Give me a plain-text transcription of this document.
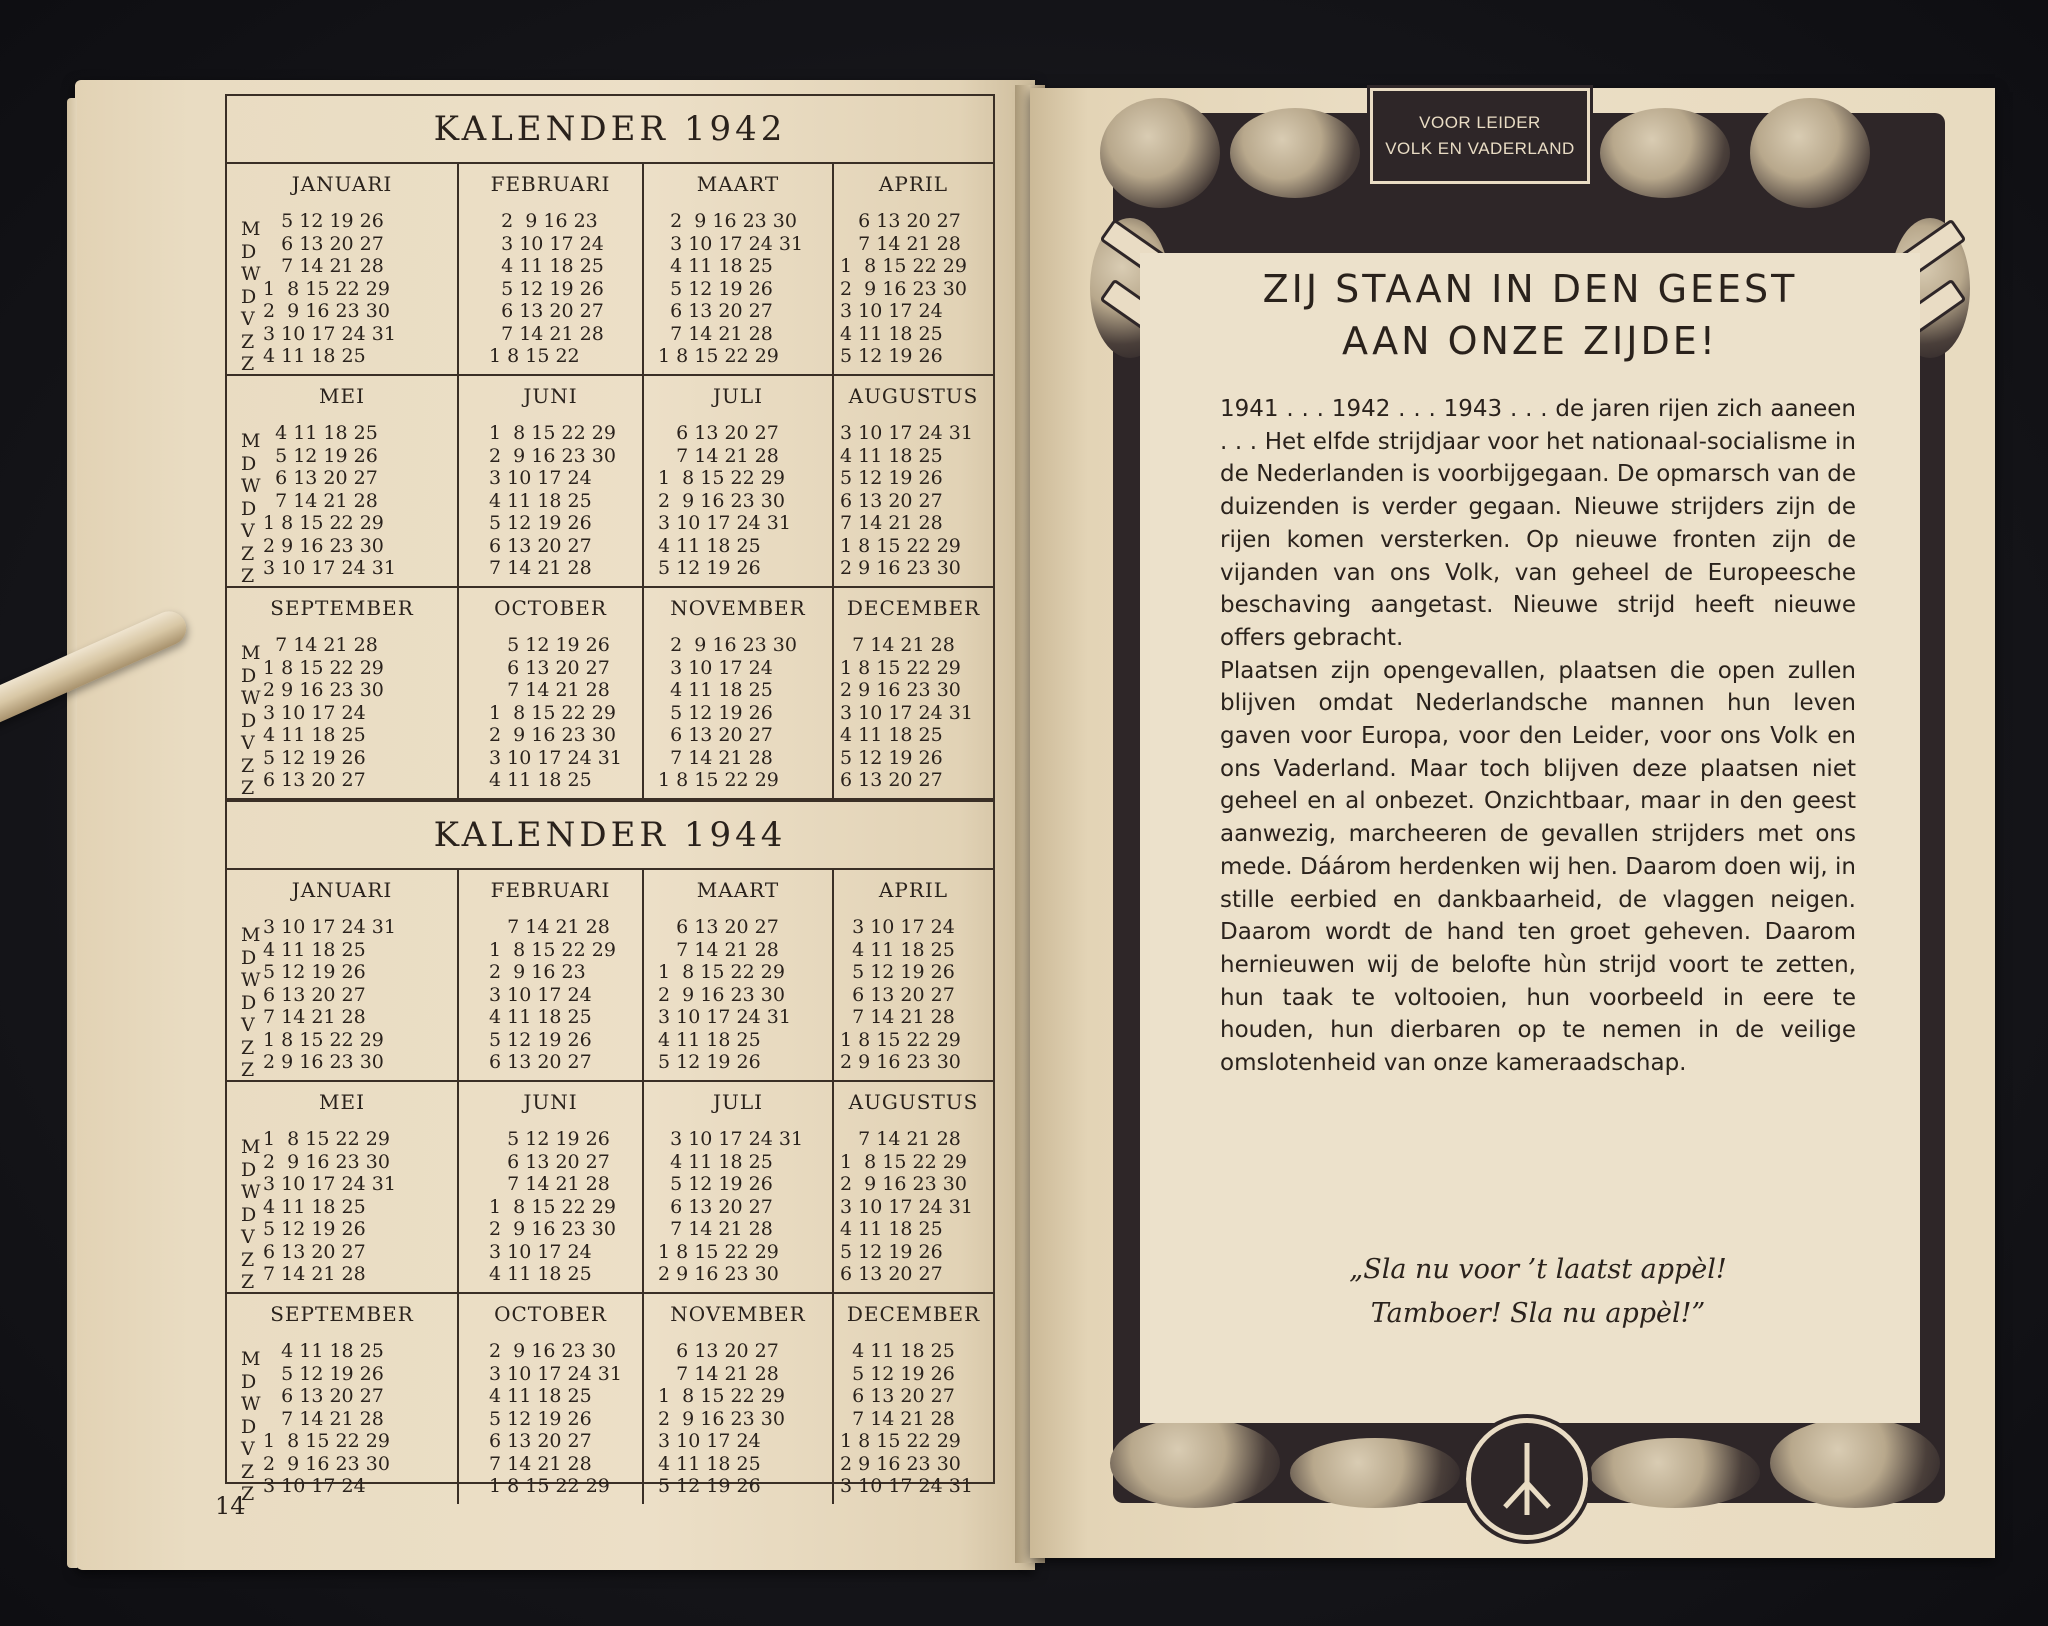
KALENDER 1942
M
D
W
D
V
Z
Z
JANUARI
5 12 19 26
6 13 20 27
7 14 21 28
1  8 15 22 29
2  9 16 23 30
3 10 17 24 31
4 11 18 25
FEBRUARI
2  9 16 23
3 10 17 24
4 11 18 25
5 12 19 26
6 13 20 27
7 14 21 28
1 8 15 22
MAART
2  9 16 23 30
3 10 17 24 31
4 11 18 25
5 12 19 26
6 13 20 27
7 14 21 28
1 8 15 22 29
APRIL
6 13 20 27
7 14 21 28
1  8 15 22 29
2  9 16 23 30
3 10 17 24
4 11 18 25
5 12 19 26
M
D
W
D
V
Z
Z
MEI
4 11 18 25
5 12 19 26
6 13 20 27
7 14 21 28
1 8 15 22 29
2 9 16 23 30
3 10 17 24 31
JUNI
1  8 15 22 29
2  9 16 23 30
3 10 17 24
4 11 18 25
5 12 19 26
6 13 20 27
7 14 21 28
JULI
6 13 20 27
7 14 21 28
1  8 15 22 29
2  9 16 23 30
3 10 17 24 31
4 11 18 25
5 12 19 26
AUGUSTUS
3 10 17 24 31
4 11 18 25
5 12 19 26
6 13 20 27
7 14 21 28
1 8 15 22 29
2 9 16 23 30
M
D
W
D
V
Z
Z
SEPTEMBER
7 14 21 28
1 8 15 22 29
2 9 16 23 30
3 10 17 24
4 11 18 25
5 12 19 26
6 13 20 27
OCTOBER
5 12 19 26
6 13 20 27
7 14 21 28
1  8 15 22 29
2  9 16 23 30
3 10 17 24 31
4 11 18 25
NOVEMBER
2  9 16 23 30
3 10 17 24
4 11 18 25
5 12 19 26
6 13 20 27
7 14 21 28
1 8 15 22 29
DECEMBER
7 14 21 28
1 8 15 22 29
2 9 16 23 30
3 10 17 24 31
4 11 18 25
5 12 19 26
6 13 20 27
KALENDER 1944
M
D
W
D
V
Z
Z
JANUARI
3 10 17 24 31
4 11 18 25
5 12 19 26
6 13 20 27
7 14 21 28
1 8 15 22 29
2 9 16 23 30
FEBRUARI
7 14 21 28
1  8 15 22 29
2  9 16 23
3 10 17 24
4 11 18 25
5 12 19 26
6 13 20 27
MAART
6 13 20 27
7 14 21 28
1  8 15 22 29
2  9 16 23 30
3 10 17 24 31
4 11 18 25
5 12 19 26
APRIL
3 10 17 24
4 11 18 25
5 12 19 26
6 13 20 27
7 14 21 28
1 8 15 22 29
2 9 16 23 30
M
D
W
D
V
Z
Z
MEI
1  8 15 22 29
2  9 16 23 30
3 10 17 24 31
4 11 18 25
5 12 19 26
6 13 20 27
7 14 21 28
JUNI
5 12 19 26
6 13 20 27
7 14 21 28
1  8 15 22 29
2  9 16 23 30
3 10 17 24
4 11 18 25
JULI
3 10 17 24 31
4 11 18 25
5 12 19 26
6 13 20 27
7 14 21 28
1 8 15 22 29
2 9 16 23 30
AUGUSTUS
7 14 21 28
1  8 15 22 29
2  9 16 23 30
3 10 17 24 31
4 11 18 25
5 12 19 26
6 13 20 27
M
D
W
D
V
Z
Z
SEPTEMBER
4 11 18 25
5 12 19 26
6 13 20 27
7 14 21 28
1  8 15 22 29
2  9 16 23 30
3 10 17 24
OCTOBER
2  9 16 23 30
3 10 17 24 31
4 11 18 25
5 12 19 26
6 13 20 27
7 14 21 28
1 8 15 22 29
NOVEMBER
6 13 20 27
7 14 21 28
1  8 15 22 29
2  9 16 23 30
3 10 17 24
4 11 18 25
5 12 19 26
DECEMBER
4 11 18 25
5 12 19 26
6 13 20 27
7 14 21 28
1 8 15 22 29
2 9 16 23 30
3 10 17 24 31
14
VOOR LEIDER
VOLK EN VADERLAND
ZIJ STAAN IN DEN GEEST
AAN ONZE ZIJDE!

1941 . . . 1942 . . . 1943 . . . de jaren rijen zich aaneen . . . Het elfde strijdjaar voor het nationaal-socialisme in de Nederlanden is voorbijgegaan. De opmarsch van de duizenden is verder gegaan. Nieuwe strijders zijn de rijen komen versterken. Op nieuwe fronten zijn de vijanden van ons Volk, van geheel de Europeesche beschaving aangetast. Nieuwe strijd heeft nieuwe offers gebracht.

Plaatsen zijn opengevallen, plaatsen die open zullen blijven omdat Nederlandsche mannen hun leven gaven voor Europa, voor den Leider, voor ons Volk en ons Vaderland. Maar toch blijven deze plaatsen niet geheel en al onbezet. Onzichtbaar, maar in den geest aanwezig, marcheeren de gevallen strijders met ons mede. Dáárom herdenken wij hen. Daarom doen wij, in stille eerbied en dankbaarheid, de vlaggen neigen. Daarom wordt de hand ten groet geheven. Daarom hernieuwen wij de belofte hùn strijd voort te zetten, hun taak te voltooien, hun voorbeeld in eere te houden, hun dierbaren op te nemen in de veilige omslotenheid van onze kameraadschap.

„Sla nu voor ’t laatst appèl!
Tamboer! Sla nu appèl!”
